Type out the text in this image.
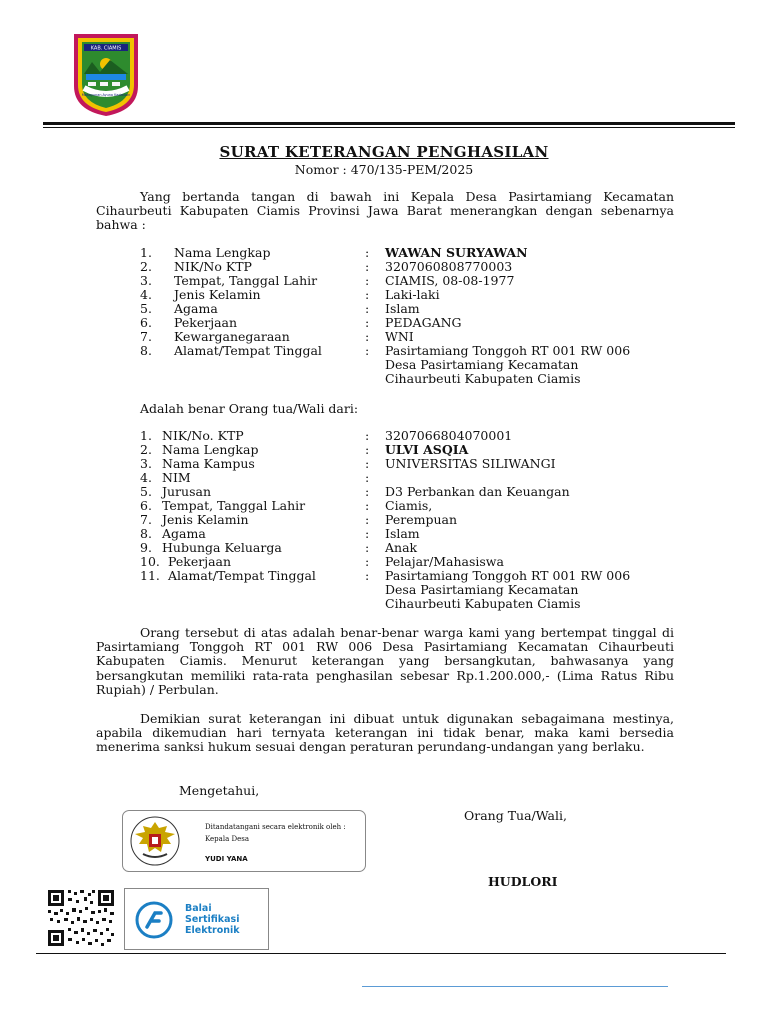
KAB. CIAMIS
Mahayunan Ayuna Kadatuan
SURAT KETERANGAN PENGHASILAN
Nomor : 470/135-PEM/2025
Yang bertanda tangan di bawah ini Kepala Desa Pasirtamiang Kecamatan Cihaurbeuti Kabupaten Ciamis Provinsi Jawa Barat menerangkan dengan sebenarnya bahwa :
1. Nama Lengkap	: WAWAN SURYAWAN
2. NIK/No KTP	: 3207060808770003
3. Tempat, Tanggal Lahir	: CIAMIS, 08-08-1977
4. Jenis Kelamin	: Laki-laki
5. Agama	: Islam
6. Pekerjaan	: PEDAGANG
7. Kewarganegaraan	: WNI
8. Alamat/Tempat Tinggal	: Pasirtamiang Tonggoh RT 001 RW 006
Desa Pasirtamiang Kecamatan
Cihaurbeuti Kabupaten Ciamis
Adalah benar Orang tua/Wali dari:
1. NIK/No. KTP	: 3207066804070001
2. Nama Lengkap	: ULVI ASQIA
3. Nama Kampus	: UNIVERSITAS SILIWANGI
4. NIM	:
5. Jurusan	: D3 Perbankan dan Keuangan
6. Tempat, Tanggal Lahir	: Ciamis,
7. Jenis Kelamin	: Perempuan
8. Agama	: Islam
9. Hubunga Keluarga	: Anak
10. Pekerjaan	: Pelajar/Mahasiswa
11. Alamat/Tempat Tinggal	: Pasirtamiang Tonggoh RT 001 RW 006
Desa Pasirtamiang Kecamatan
Cihaurbeuti Kabupaten Ciamis
Orang tersebut di atas adalah benar-benar warga kami yang bertempat tinggal di Pasirtamiang Tonggoh RT 001 RW 006 Desa Pasirtamiang Kecamatan Cihaurbeuti Kabupaten Ciamis. Menurut keterangan yang bersangkutan, bahwasanya yang bersangkutan memiliki rata-rata penghasilan sebesar Rp.1.200.000,- (Lima Ratus Ribu Rupiah) / Perbulan.
Demikian surat keterangan ini dibuat untuk digunakan sebagaimana mestinya, apabila dikemudian hari ternyata keterangan ini tidak benar, maka kami bersedia menerima sanksi hukum sesuai dengan peraturan perundang-undangan yang berlaku.
Mengetahui,
Orang Tua/Wali,
HUDLORI
Ditandatangani secara elektronik oleh :
Kepala Desa
YUDI YANA
Balai
Sertifikasi
Elektronik
